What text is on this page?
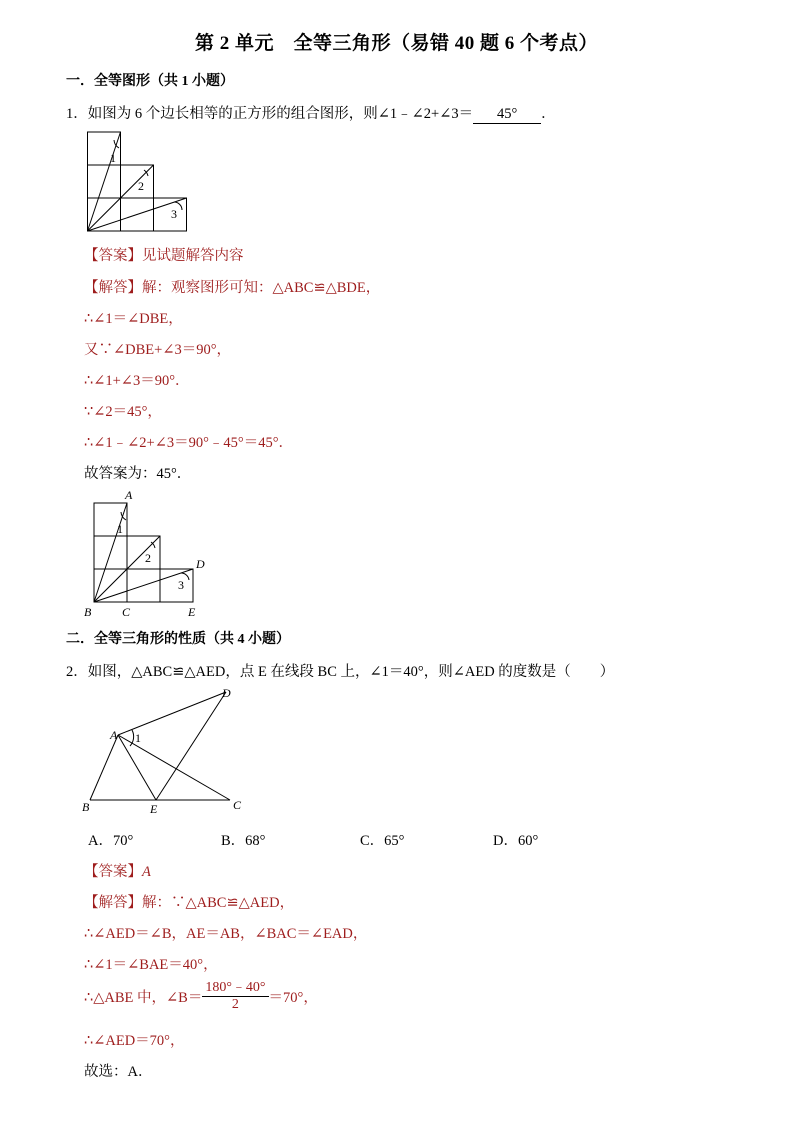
第 2 单元　全等三角形（易错 40 题 6 个考点）
一．全等图形（共 1 小题）
1．如图为 6 个边长相等的正方形的组合图形，则∠1﹣∠2+∠3＝ 45° ．
1
2
3
【答案】见试题解答内容
【解答】解：观察图形可知：△ABC≌△BDE，
∴∠1＝∠DBE，
又∵∠DBE+∠3＝90°，
∴∠1+∠3＝90°．
∵∠2＝45°，
∴∠1﹣∠2+∠3＝90°﹣45°＝45°．
故答案为：45°．
A
B	C
D
E
1
2
3
二．全等三角形的性质（共 4 小题）
2．如图，△ABC≌△AED，点 E 在线段 BC 上，∠1＝40°，则∠AED 的度数是（　　）
A
B	C
D
E
1
A．70°	B．68°	C．65°	D．60°
【答案】A
【解答】解：∵△ABC≌△AED，
∴∠AED＝∠B，AE＝AB，∠BAC＝∠EAD，
∴∠1＝∠BAE＝40°，
∴△ABE 中，∠B＝ $\frac{180^\circ﹣40^\circ}{2} =70^\circ$，
∴∠AED＝70°，
故选：A．
